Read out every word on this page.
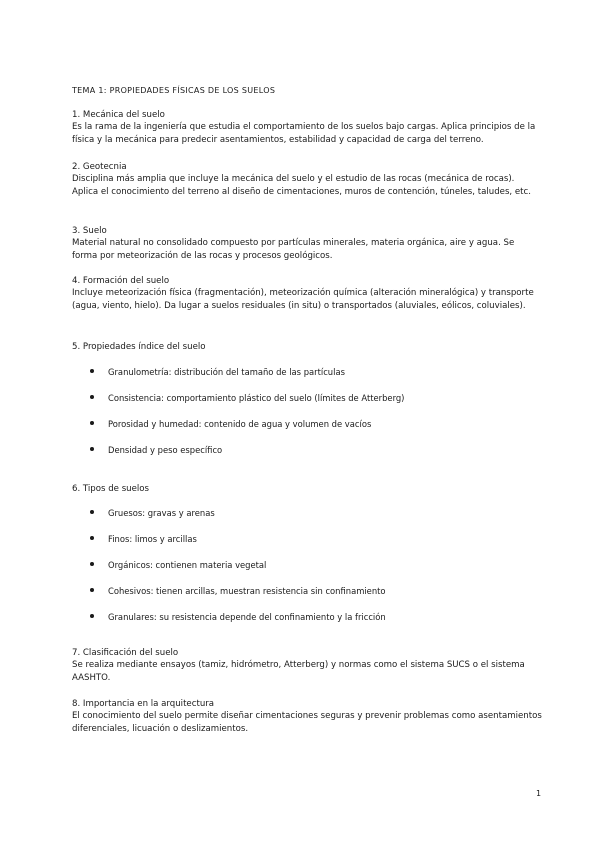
TEMA 1: PROPIEDADES FÍSICAS DE LOS SUELOS
1. Mecánica del suelo

Es la rama de la ingeniería que estudia el comportamiento de los suelos bajo cargas. Aplica principios de la física y la mecánica para predecir asentamientos, estabilidad y capacidad de carga del terreno.

2. Geotecnia

Disciplina más amplia que incluye la mecánica del suelo y el estudio de las rocas (mecánica de rocas). Aplica el conocimiento del terreno al diseño de cimentaciones, muros de contención, túneles, taludes, etc.

3. Suelo

Material natural no consolidado compuesto por partículas minerales, materia orgánica, aire y agua. Se forma por meteorización de las rocas y procesos geológicos.

4. Formación del suelo

Incluye meteorización física (fragmentación), meteorización química (alteración mineralógica) y transporte (agua, viento, hielo). Da lugar a suelos residuales (in situ) o transportados (aluviales, eólicos, coluviales).

5. Propiedades índice del suelo
Granulometría: distribución del tamaño de las partículas
Consistencia: comportamiento plástico del suelo (límites de Atterberg)
Porosidad y humedad: contenido de agua y volumen de vacíos
Densidad y peso específico
6. Tipos de suelos
Gruesos: gravas y arenas
Finos: limos y arcillas
Orgánicos: contienen materia vegetal
Cohesivos: tienen arcillas, muestran resistencia sin confinamiento
Granulares: su resistencia depende del confinamiento y la fricción
7. Clasificación del suelo

Se realiza mediante ensayos (tamiz, hidrómetro, Atterberg) y normas como el sistema SUCS o el sistema AASHTO.

8. Importancia en la arquitectura

El conocimiento del suelo permite diseñar cimentaciones seguras y prevenir problemas como asentamientos diferenciales, licuación o deslizamientos.

1
